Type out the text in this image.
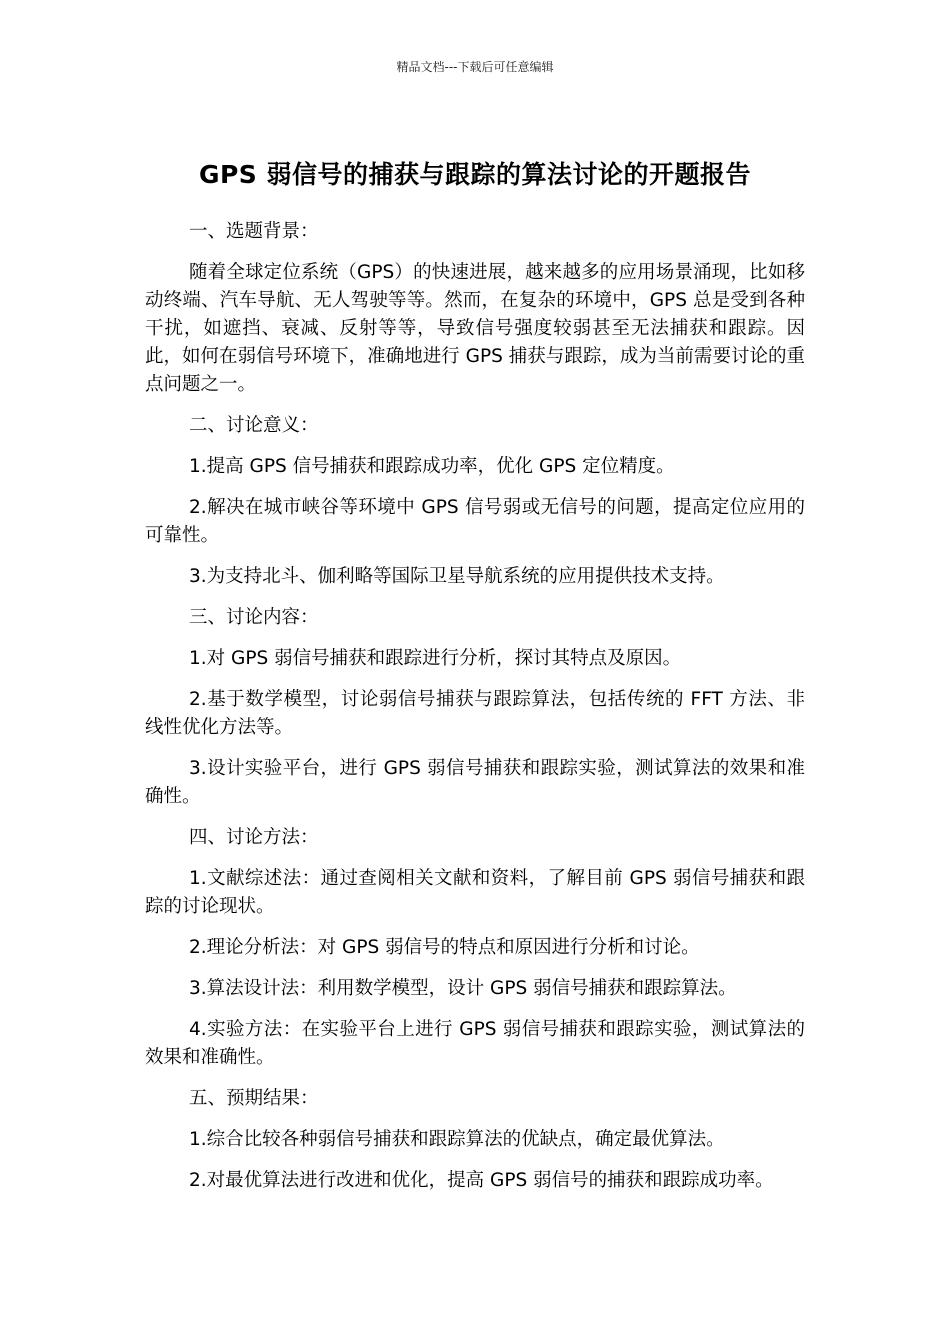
精品文档---下载后可任意编辑
GPS 弱信号的捕获与跟踪的算法讨论的开题报告

一、选题背景：

随着全球定位系统（GPS）的快速进展，越来越多的应用场景涌现，比如移动终端、汽车导航、无人驾驶等等。然而，在复杂的环境中，GPS 总是受到各种干扰，如遮挡、衰减、反射等等，导致信号强度较弱甚至无法捕获和跟踪。因此，如何在弱信号环境下，准确地进行 GPS 捕获与跟踪，成为当前需要讨论的重点问题之一。

二、讨论意义：

1.提高 GPS 信号捕获和跟踪成功率，优化 GPS 定位精度。

2.解决在城市峡谷等环境中 GPS 信号弱或无信号的问题，提高定位应用的可靠性。

3.为支持北斗、伽利略等国际卫星导航系统的应用提供技术支持。

三、讨论内容：

1.对 GPS 弱信号捕获和跟踪进行分析，探讨其特点及原因。

2.基于数学模型，讨论弱信号捕获与跟踪算法，包括传统的 FFT 方法、非线性优化方法等。

3.设计实验平台，进行 GPS 弱信号捕获和跟踪实验，测试算法的效果和准确性。

四、讨论方法：

1.文献综述法：通过查阅相关文献和资料，了解目前 GPS 弱信号捕获和跟踪的讨论现状。

2.理论分析法：对 GPS 弱信号的特点和原因进行分析和讨论。

3.算法设计法：利用数学模型，设计 GPS 弱信号捕获和跟踪算法。

4.实验方法：在实验平台上进行 GPS 弱信号捕获和跟踪实验，测试算法的效果和准确性。

五、预期结果：

1.综合比较各种弱信号捕获和跟踪算法的优缺点，确定最优算法。

2.对最优算法进行改进和优化，提高 GPS 弱信号的捕获和跟踪成功率。
